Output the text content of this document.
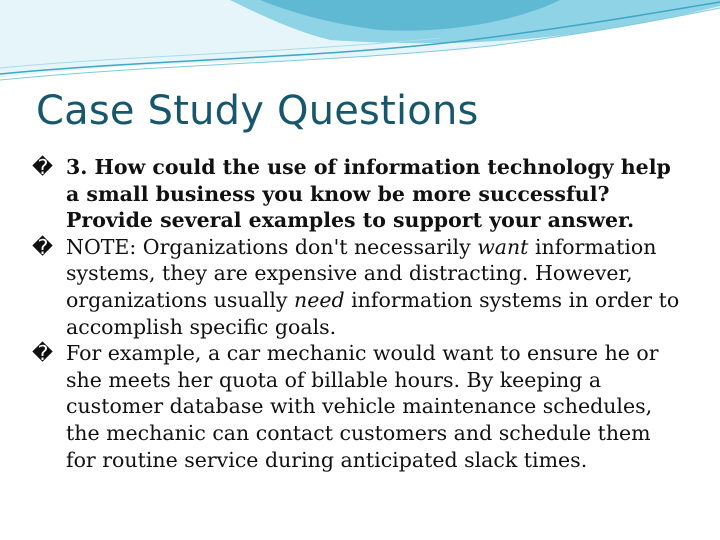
Case Study Questions
� 3. How could the use of information technology help
a small business you know be more successful?
Provide several examples to support your answer.
� NOTE: Organizations don't necessarily want information
systems, they are expensive and distracting. However,
organizations usually need information systems in order to
accomplish specific goals.
� For example, a car mechanic would want to ensure he or
she meets her quota of billable hours. By keeping a
customer database with vehicle maintenance schedules,
the mechanic can contact customers and schedule them
for routine service during anticipated slack times.
